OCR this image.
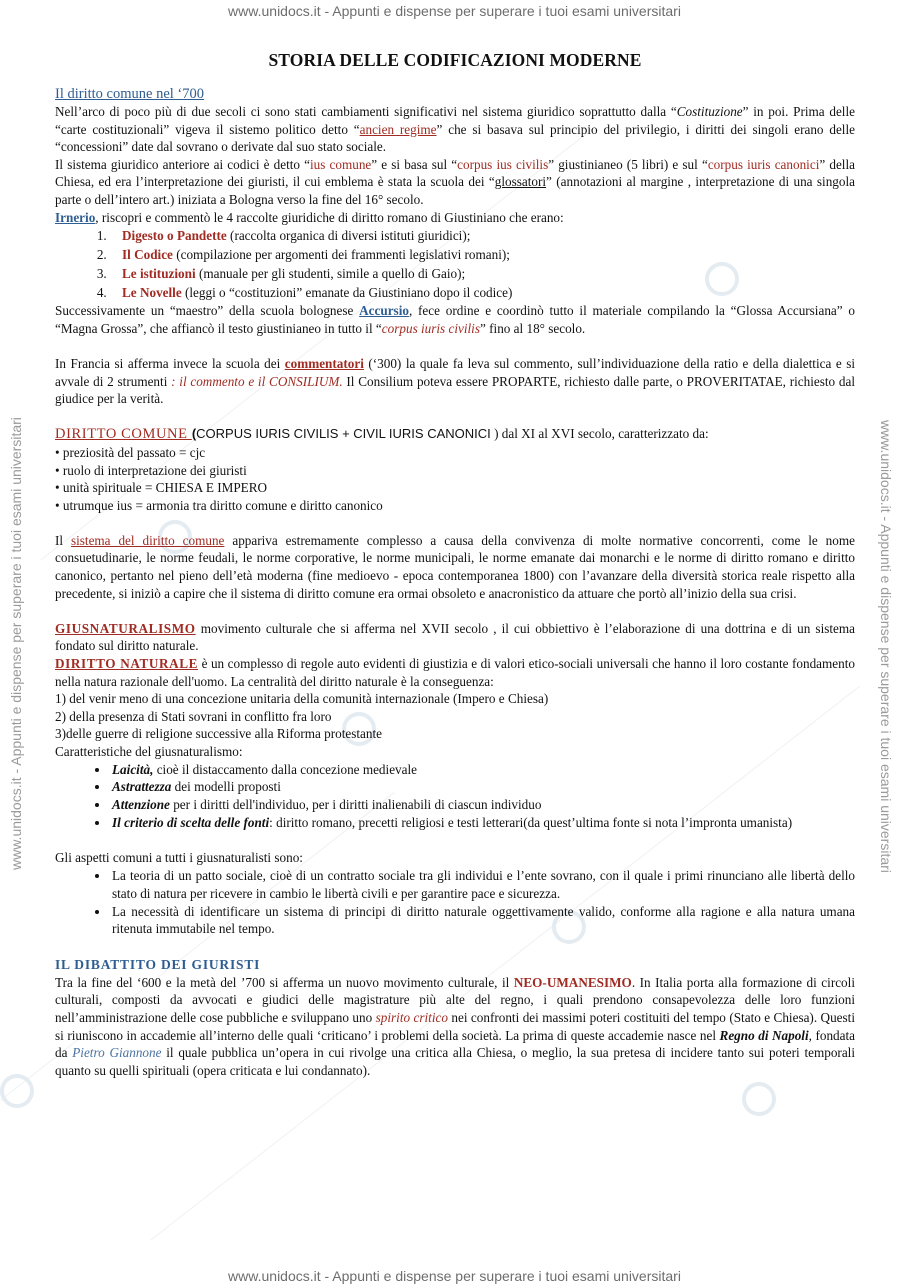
www.unidocs.it - Appunti e dispense per superare i tuoi esami universitari
www.unidocs.it - Appunti e dispense per superare i tuoi esami universitari
www.unidocs.it - Appunti e dispense per superare i tuoi esami universitari	www.unidocs.it - Appunti e dispense per superare i tuoi esami universitari
STORIA DELLE CODIFICAZIONI MODERNE
Il diritto comune nel ‘700

Nell’arco di poco più di due secoli ci sono stati cambiamenti significativi nel sistema giuridico soprattutto dalla “Costituzione” in poi. Prima delle “carte costituzionali” vigeva il sistemo politico detto “ancien regime” che si basava sul principio del privilegio, i diritti dei singoli erano delle “concessioni” date dal sovrano o derivate dal suo stato sociale.

Il sistema giuridico anteriore ai codici è detto “ius comune” e si basa sul “corpus ius civilis” giustinianeo (5 libri) e sul “corpus iuris canonici” della Chiesa, ed era l’interpretazione dei giuristi, il cui emblema è stata la scuola dei “glossatori” (annotazioni al margine , interpretazione di una singola parte o dell’intero art.) iniziata a Bologna verso la fine del 16° secolo.

Irnerio, riscopri e commentò le 4 raccolte giuridiche di diritto romano di Giustiniano che erano:

1. Digesto o Pandette (raccolta organica di diversi istituti giuridici);
2. Il Codice (compilazione per argomenti dei frammenti legislativi romani);
3. Le istituzioni (manuale per gli studenti, simile a quello di Gaio);
4. Le Novelle (leggi o “costituzioni” emanate da Giustiniano dopo il codice)

Successivamente un “maestro” della scuola bolognese Accursio, fece ordine e coordinò tutto il materiale compilando la “Glossa Accursiana” o “Magna Grossa”, che affiancò il testo giustinianeo in tutto il “corpus iuris civilis” fino al 18° secolo.

In Francia si afferma invece la scuola dei commentatori (‘300) la quale fa leva sul commento, sull’individuazione della ratio e della dialettica e si avvale di 2 strumenti : il commento e il CONSILIUM. Il Consilium poteva essere PROPARTE, richiesto dalle parte, o PROVERITATAE, richiesto dal giudice per la verità.

DIRITTO COMUNE (CORPUS IURIS CIVILIS + CIVIL IURIS CANONICI ) dal XI al XVI secolo, caratterizzato da:

• preziosità del passato = cjc

• ruolo di interpretazione dei giuristi

• unità spirituale = CHIESA E IMPERO

• utrumque ius = armonia tra diritto comune e diritto canonico

Il sistema del diritto comune appariva estremamente complesso a causa della convivenza di molte normative concorrenti, come le nome consuetudinarie, le norme feudali, le norme corporative, le norme municipali, le norme emanate dai monarchi e le norme di diritto romano e diritto canonico, pertanto nel pieno dell’età moderna (fine medioevo - epoca contemporanea 1800) con l’avanzare della diversità storica reale rispetto alla precedente, si iniziò a capire che il sistema di diritto comune era ormai obsoleto e anacronistico da attuare che portò all’inizio della sua crisi.

GIUSNATURALISMO movimento culturale che si afferma nel XVII secolo , il cui obbiettivo è l’elaborazione di una dottrina e di un sistema fondato sul diritto naturale.

DIRITTO NATURALE è un complesso di regole auto evidenti di giustizia e di valori etico-sociali universali che hanno il loro costante fondamento nella natura razionale dell'uomo. La centralità del diritto naturale è la conseguenza:

1) del venir meno di una concezione unitaria della comunità internazionale (Impero e Chiesa)

2) della presenza di Stati sovrani in conflitto fra loro

3)delle guerre di religione successive alla Riforma protestante

Caratteristiche del giusnaturalismo:

• Laicità, cioè il distaccamento dalla concezione medievale
• Astrattezza dei modelli proposti
• Attenzione per i diritti dell'individuo, per i diritti inalienabili di ciascun individuo
• Il criterio di scelta delle fonti: diritto romano, precetti religiosi e testi letterari(da quest’ultima fonte si nota l’impronta umanista)

Gli aspetti comuni a tutti i giusnaturalisti sono:

• La teoria di un patto sociale, cioè di un contratto sociale tra gli individui e l’ente sovrano, con il quale i primi rinunciano alle libertà dello stato di natura per ricevere in cambio le libertà civili e per garantire pace e sicurezza.
• La necessità di identificare un sistema di principi di diritto naturale oggettivamente valido, conforme alla ragione e alla natura umana ritenuta immutabile nel tempo.
IL DIBATTITO DEI GIURISTI

Tra la fine del ‘600 e la metà del ’700 si afferma un nuovo movimento culturale, il NEO-UMANESIMO. In Italia porta alla formazione di circoli culturali, composti da avvocati e giudici delle magistrature più alte del regno, i quali prendono consapevolezza delle loro funzioni nell’amministrazione delle cose pubbliche e sviluppano uno spirito critico nei confronti dei massimi poteri costituiti del tempo (Stato e Chiesa). Questi si riuniscono in accademie all’interno delle quali ‘criticano’ i problemi della società. La prima di queste accademie nasce nel Regno di Napoli, fondata da Pietro Giannone il quale pubblica un’opera in cui rivolge una critica alla Chiesa, o meglio, la sua pretesa di incidere tanto sui poteri temporali quanto su quelli spirituali (opera criticata e lui condannato).
